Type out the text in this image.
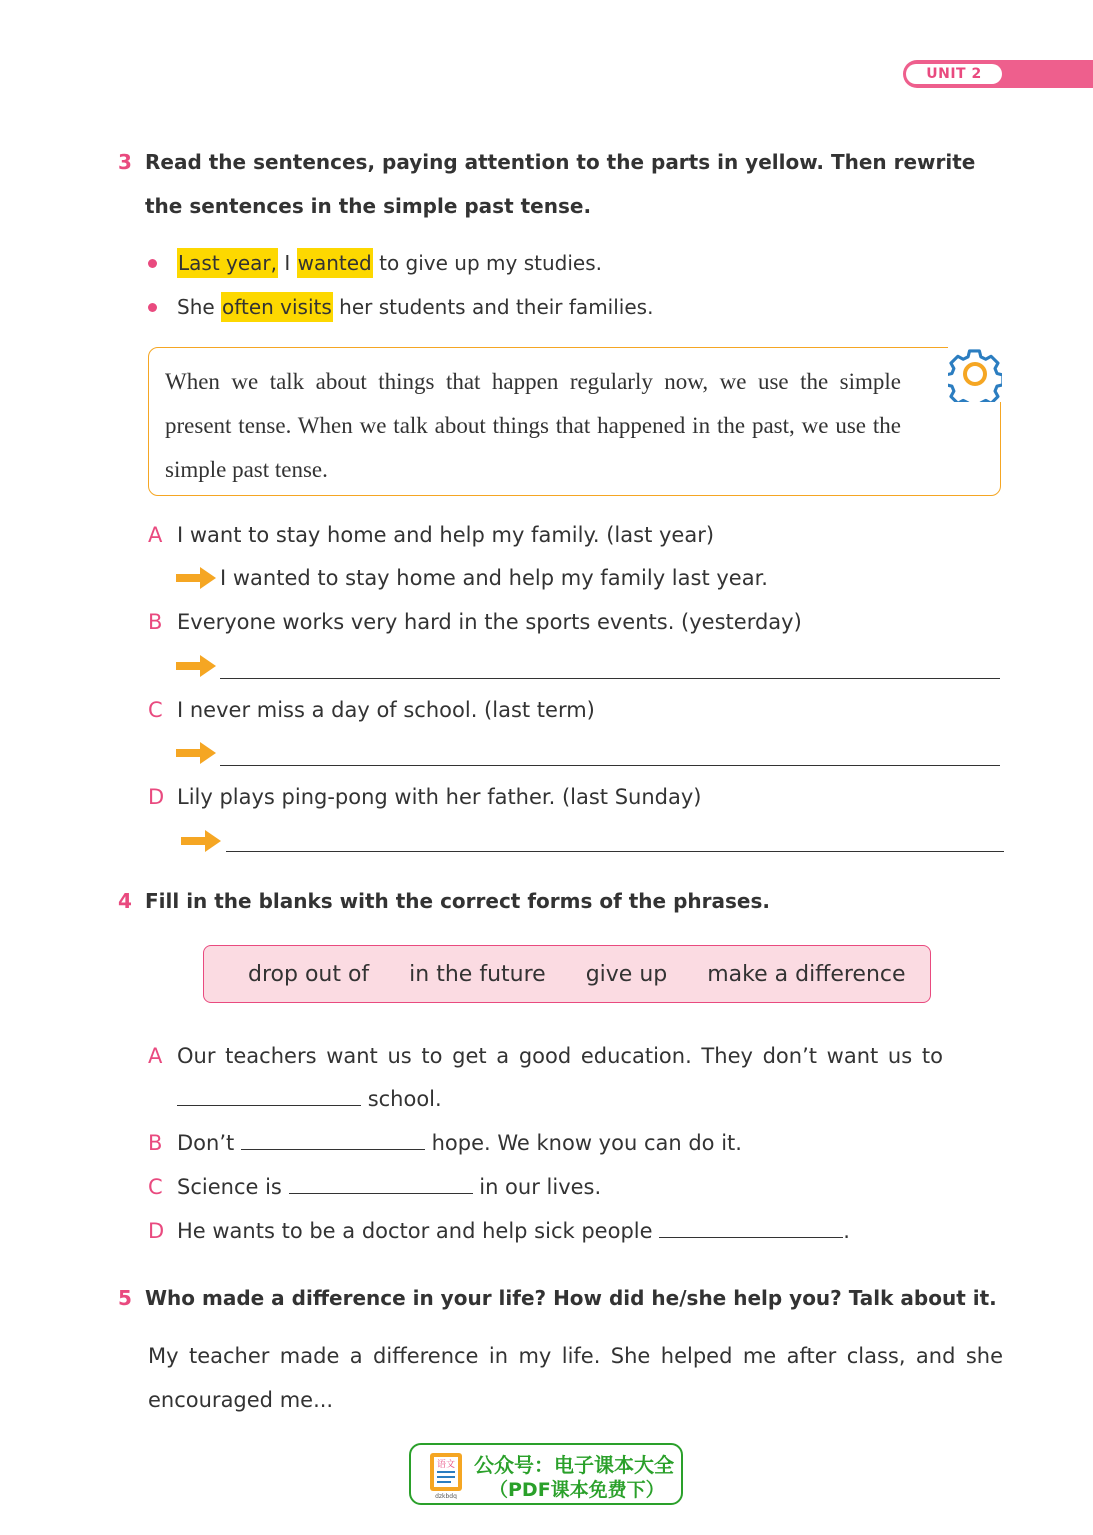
UNIT 2
3 Read the sentences, paying attention to the parts in yellow. Then rewrite the sentences in the simple past tense.
Last year, I wanted to give up my studies.
She often visits her students and their families.
When we talk about things that happen regularly now, we use the simple present tense. When we talk about things that happened in the past, we use the simple past tense.
A I want to stay home and help my family. (last year)
I wanted to stay home and help my family last year.
B Everyone works very hard in the sports events. (yesterday)
C I never miss a day of school. (last term)
D Lily plays ping-pong with her father. (last Sunday)
4 Fill in the blanks with the correct forms of the phrases.
drop out of in the future give up make a difference
A Our teachers want us to get a good education. They don’t want us to
school.
B Don’t	hope. We know you can do it.
C Science is	in our lives.
D He wants to be a doctor and help sick people	.
5 Who made a difference in your life? How did he/she help you? Talk about it.
My teacher made a difference in my life. She helped me after class, and she encouraged me...
语文
dzkbdq
公众号：电子课本大全
（PDF课本免费下）
